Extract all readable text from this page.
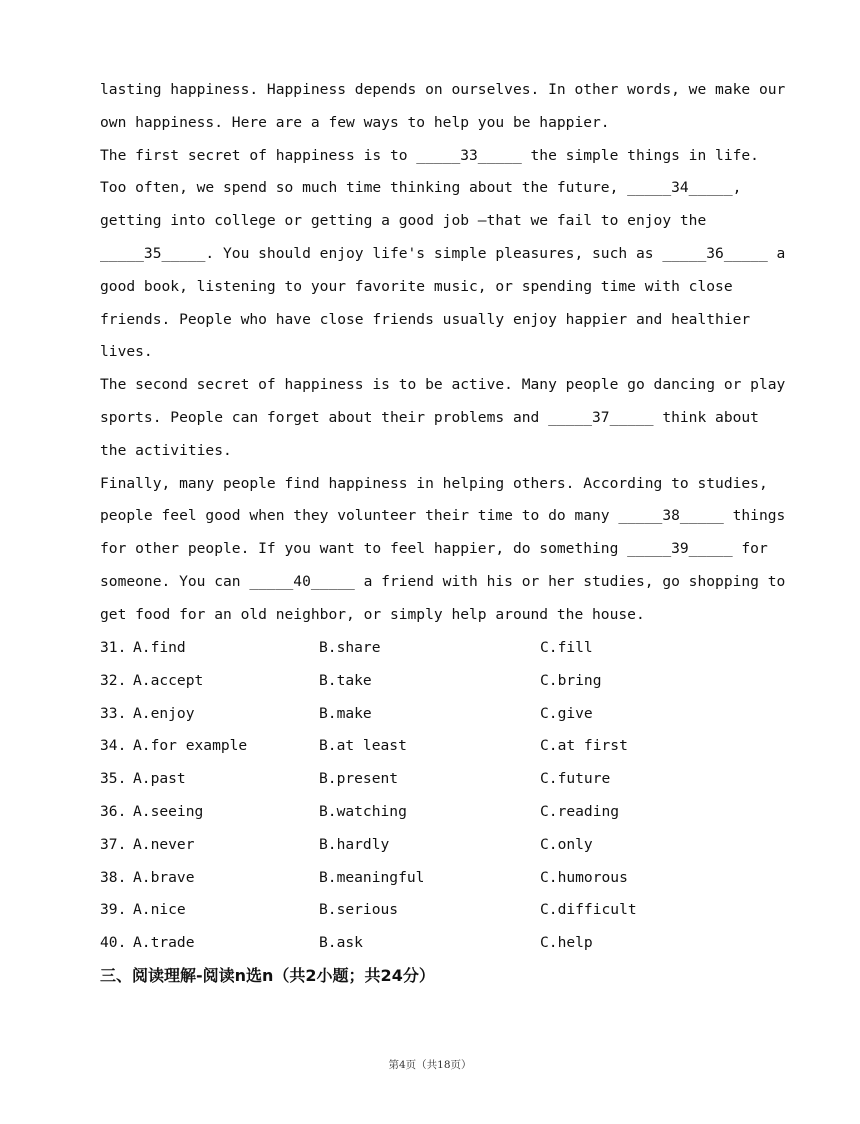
lasting happiness. Happiness depends on ourselves. In other words, we make our
own happiness. Here are a few ways to help you be happier.
The first secret of happiness is to _____33_____ the simple things in life.
Too often, we spend so much time thinking about the future, _____34_____,
getting into college or getting a good job —that we fail to enjoy the
_____35_____. You should enjoy life's simple pleasures, such as _____36_____ a
good book, listening to your favorite music, or spending time with close
friends. People who have close friends usually enjoy happier and healthier
lives.
The second secret of happiness is to be active. Many people go dancing or play
sports. People can forget about their problems and _____37_____ think about
the activities.
Finally, many people find happiness in helping others. According to studies,
people feel good when they volunteer their time to do many _____38_____ things
for other people. If you want to feel happier, do something _____39_____ for
someone. You can _____40_____ a friend with his or her studies, go shopping to
get food for an old neighbor, or simply help around the house.

31.

A.find

	B.share

	C.fill

32.

A.accept

	B.take

	C.bring

33.

A.enjoy

	B.make

	C.give

34.

A.for example

	B.at least

	C.at first

35.

A.past

	B.present

	C.future

36.

A.seeing

	B.watching

	C.reading

37.

A.never

	B.hardly

	C.only

38.

A.brave

	B.meaningful

	C.humorous

39.

A.nice

	B.serious

	C.difficult

40.

A.trade

	B.ask

	C.help

三、阅读理解-阅读n选n（共2小题；共24分）
第4页（共18页）
